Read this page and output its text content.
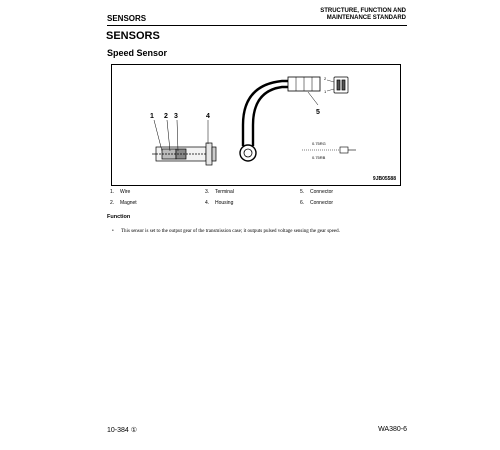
SENSORS
STRUCTURE, FUNCTION AND
MAINTENANCE STANDARD
SENSORS
Speed Sensor
1 2 3	4
5
2
1
0.75RG
0.75RB
9JB05588
1. Wire
2. Magnet
3. Terminal
4. Housing
5. Connector
6. Connector
Function
• This sensor is set to the output gear of the transmission case; it outputs pulsed voltage sensing the gear speed.
10-384 ①	WA380-6
